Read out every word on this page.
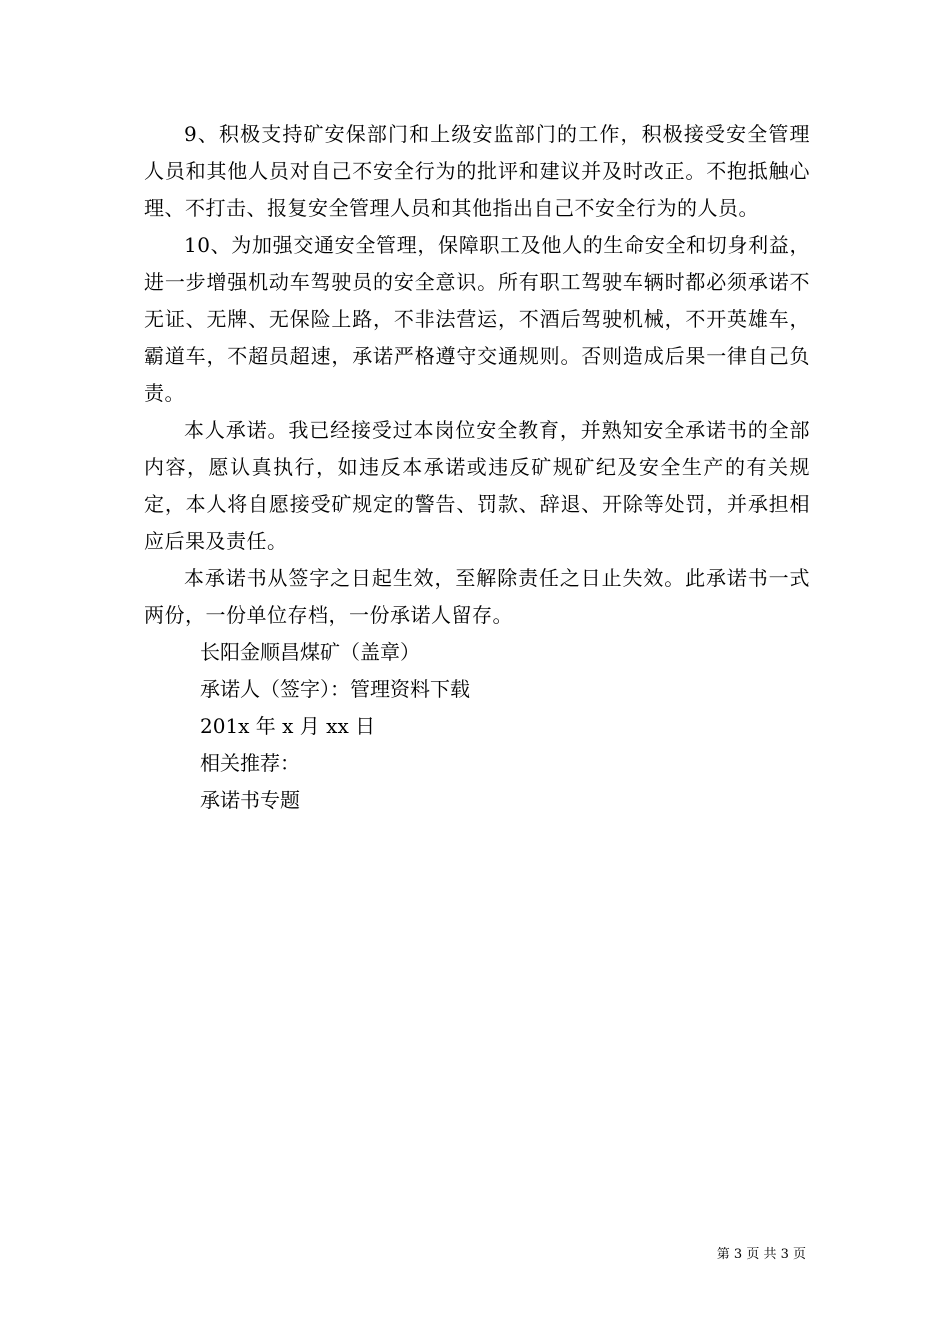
9、积极支持矿安保部门和上级安监部门的工作，积极接受安全管理人员和其他人员对自己不安全行为的批评和建议并及时改正。不抱抵触心理、不打击、报复安全管理人员和其他指出自己不安全行为的人员。

10、为加强交通安全管理，保障职工及他人的生命安全和切身利益，进一步增强机动车驾驶员的安全意识。所有职工驾驶车辆时都必须承诺不无证、无牌、无保险上路，不非法营运，不酒后驾驶机械，不开英雄车，霸道车，不超员超速，承诺严格遵守交通规则。否则造成后果一律自己负责。

本人承诺。我已经接受过本岗位安全教育，并熟知安全承诺书的全部内容，愿认真执行，如违反本承诺或违反矿规矿纪及安全生产的有关规定，本人将自愿接受矿规定的警告、罚款、辞退、开除等处罚，并承担相应后果及责任。

本承诺书从签字之日起生效，至解除责任之日止失效。此承诺书一式两份，一份单位存档，一份承诺人留存。

长阳金顺昌煤矿（盖章）

承诺人（签字）：管理资料下载

201x 年 x 月 xx 日

相关推荐：

承诺书专题

第 3 页 共 3 页
